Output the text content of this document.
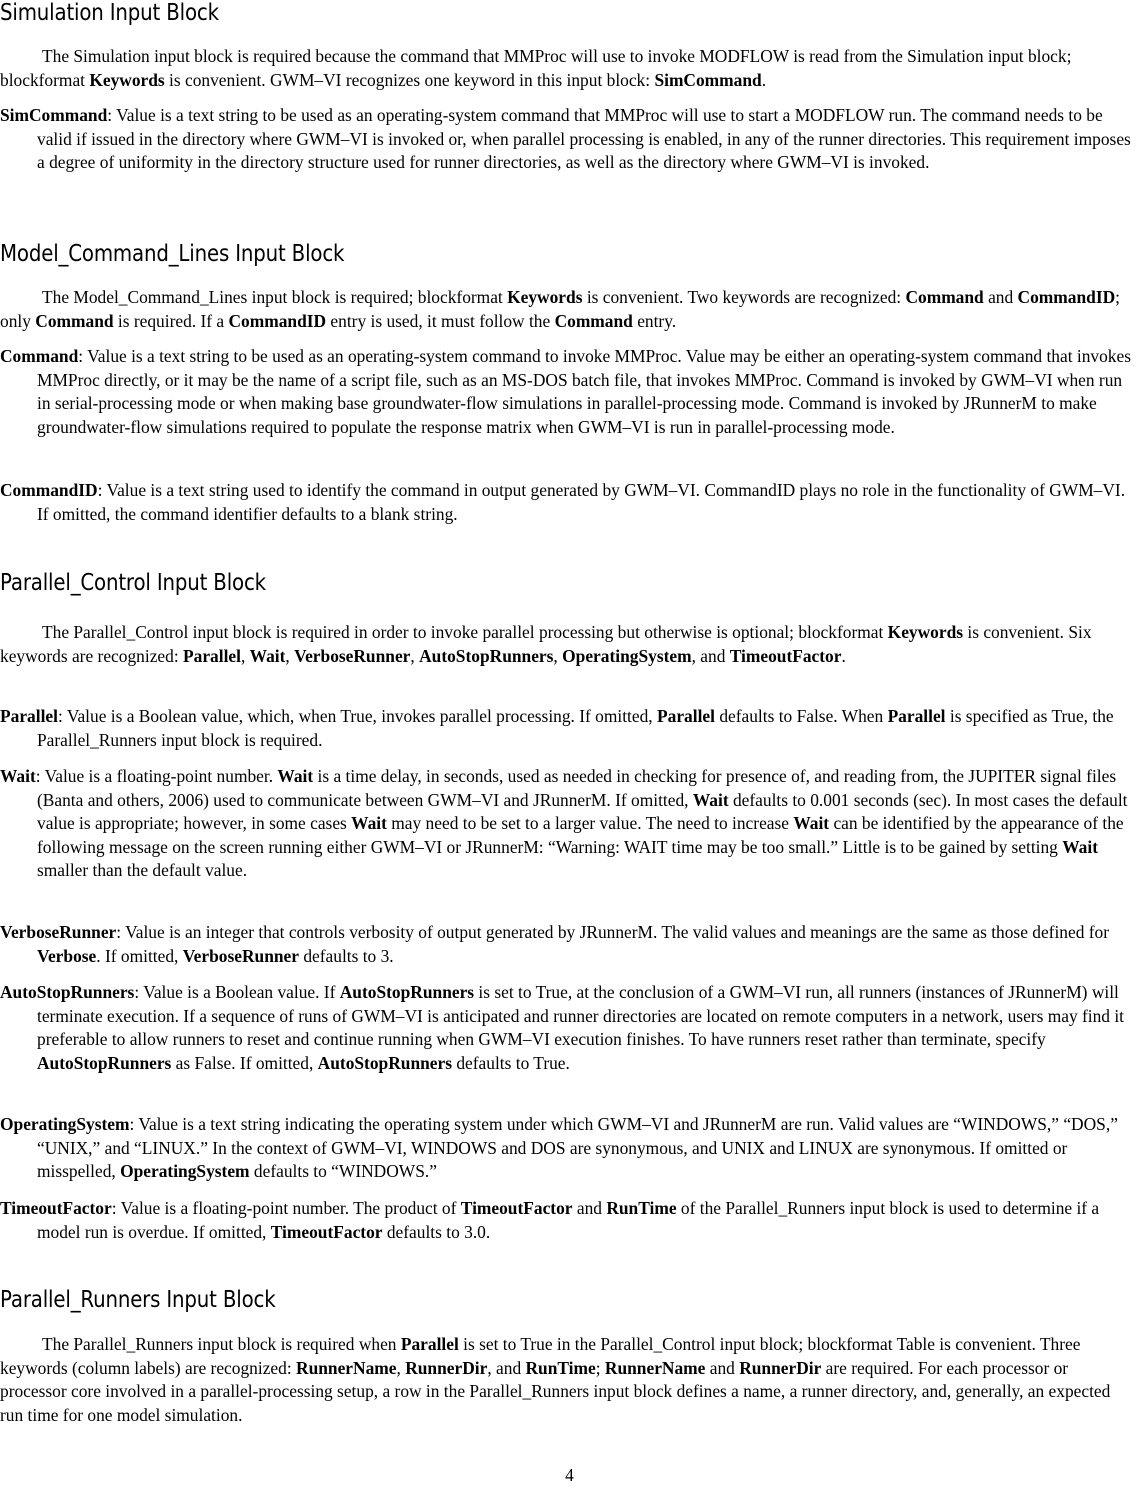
Simulation Input Block

The Simulation input block is required because the command that MMProc will use to invoke MODFLOW is read from the Simulation input block; blockformat Keywords is convenient. GWM–VI recognizes one keyword in this input block: SimCommand.

SimCommand: Value is a text string to be used as an operating-system command that MMProc will use to start a MODFLOW run. The command needs to be valid if issued in the directory where GWM–VI is invoked or, when parallel processing is enabled, in any of the runner directories. This requirement imposes a degree of uniformity in the directory structure used for runner directories, as well as the directory where GWM–VI is invoked.

Model_Command_Lines Input Block

The Model_Command_Lines input block is required; blockformat Keywords is convenient. Two keywords are recognized: Command and CommandID; only Command is required. If a CommandID entry is used, it must follow the Command entry.

Command: Value is a text string to be used as an operating-system command to invoke MMProc. Value may be either an operating-system command that invokes MMProc directly, or it may be the name of a script file, such as an MS-DOS batch file, that invokes MMProc. Command is invoked by GWM–VI when run in serial-processing mode or when making base groundwater-flow simulations in parallel-processing mode. Command is invoked by JRunnerM to make groundwater-flow simulations required to populate the response matrix when GWM–VI is run in parallel-processing mode.

CommandID: Value is a text string used to identify the command in output generated by GWM–VI. CommandID plays no role in the functionality of GWM–VI. If omitted, the command identifier defaults to a blank string.

Parallel_Control Input Block

The Parallel_Control input block is required in order to invoke parallel processing but otherwise is optional; blockformat Keywords is convenient. Six keywords are recognized: Parallel, Wait, VerboseRunner, AutoStopRunners, OperatingSystem, and TimeoutFactor.

Parallel: Value is a Boolean value, which, when True, invokes parallel processing. If omitted, Parallel defaults to False. When Parallel is specified as True, the Parallel_Runners input block is required.

Wait: Value is a floating-point number. Wait is a time delay, in seconds, used as needed in checking for presence of, and reading from, the JUPITER signal files (Banta and others, 2006) used to communicate between GWM–VI and JRunnerM. If omitted, Wait defaults to 0.001 seconds (sec). In most cases the default value is appropriate; however, in some cases Wait may need to be set to a larger value. The need to increase Wait can be identified by the appearance of the following message on the screen running either GWM–VI or JRunnerM: “Warning: WAIT time may be too small.” Little is to be gained by setting Wait smaller than the default value.

VerboseRunner: Value is an integer that controls verbosity of output generated by JRunnerM. The valid values and meanings are the same as those defined for Verbose. If omitted, VerboseRunner defaults to 3.

AutoStopRunners: Value is a Boolean value. If AutoStopRunners is set to True, at the conclusion of a GWM–VI run, all runners (instances of JRunnerM) will terminate execution. If a sequence of runs of GWM–VI is anticipated and runner directories are located on remote computers in a network, users may find it preferable to allow runners to reset and continue running when GWM–VI execution finishes. To have runners reset rather than terminate, specify AutoStopRunners as False. If omitted, AutoStopRunners defaults to True.

OperatingSystem: Value is a text string indicating the operating system under which GWM–VI and JRunnerM are run. Valid values are “WINDOWS,” “DOS,” “UNIX,” and “LINUX.” In the context of GWM–VI, WINDOWS and DOS are synonymous, and UNIX and LINUX are synonymous. If omitted or misspelled, OperatingSystem defaults to “WINDOWS.”

TimeoutFactor: Value is a floating-point number. The product of TimeoutFactor and RunTime of the Parallel_Runners input block is used to determine if a model run is overdue. If omitted, TimeoutFactor defaults to 3.0.

Parallel_Runners Input Block

The Parallel_Runners input block is required when Parallel is set to True in the Parallel_Control input block; blockformat Table is convenient. Three keywords (column labels) are recognized: RunnerName, RunnerDir, and RunTime; RunnerName and RunnerDir are required. For each processor or processor core involved in a parallel-processing setup, a row in the Parallel_Runners input block defines a name, a runner directory, and, generally, an expected run time for one model simulation.

4
